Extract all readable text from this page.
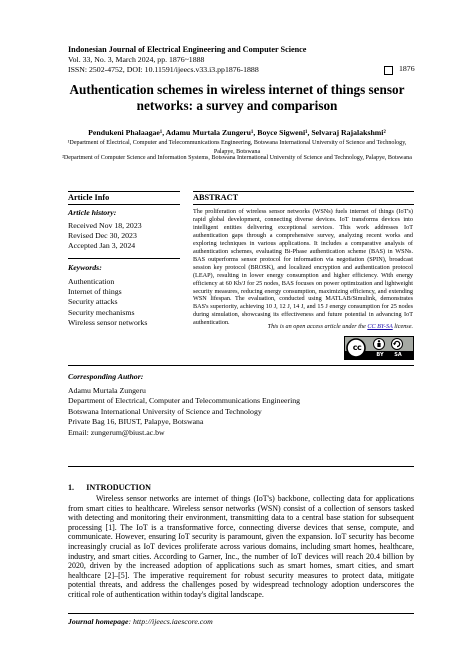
Indonesian Journal of Electrical Engineering and Computer Science
Vol. 33, No. 3, March 2024, pp. 1876~1888
ISSN: 2502-4752, DOI: 10.11591/ijeecs.v33.i3.pp1876-1888	1876
Authentication schemes in wireless internet of things sensor networks: a survey and comparison
Pendukeni Phalaagae¹, Adamu Murtala Zungeru¹, Boyce Sigweni¹, Selvaraj Rajalakshmi²
¹Department of Electrical, Computer and Telecommunications Engineering, Botswana International University of Science and Technology, Palapye, Botswana
²Department of Computer Science and Information Systems, Botswana International University of Science and Technology, Palapye, Botswana
Article Info
Article history:
Received Nov 18, 2023
Revised Dec 30, 2023
Accepted Jan 3, 2024
Keywords:
Authentication
Internet of things
Security attacks
Security mechanisms
Wireless sensor networks
ABSTRACT
The proliferation of wireless sensor networks (WSNs) fuels internet of things (IoT's) rapid global development, connecting diverse devices. IoT transforms devices into intelligent entities delivering exceptional services. This work addresses IoT authentication gaps through a comprehensive survey, analyzing recent works and exploring techniques in various applications. It includes a comparative analysis of authentication schemes, evaluating Bi-Phase authentication scheme (BAS) in WSNs. BAS outperforms sensor protocol for information via negotiation (SPIN), broadcast session key protocol (BROSK), and localized encryption and authentication protocol (LEAP), resulting in lower energy consumption and higher efficiency. With energy efficiency at 60 Kb/J for 25 nodes, BAS focuses on power optimization and lightweight security measures, reducing energy consumption, maximizing efficiency, and extending WSN lifespan. The evaluation, conducted using MATLAB/Simulink, demonstrates BAS's superiority, achieving 10 J, 12 J, 14 J, and 15 J energy consumption for 25 nodes during simulation, showcasing its effectiveness and future potential in advancing IoT authentication.
This is an open access article under the CC BY-SA license.
cc
BY	SA
Corresponding Author:
Adamu Murtala Zungeru
Department of Electrical, Computer and Telecommunications Engineering
Botswana International University of Science and Technology
Private Bag 16, BIUST, Palapye, Botswana
Email: zungerum@biust.ac.bw
1.      INTRODUCTION
Wireless sensor networks are internet of things (IoT's) backbone, collecting data for applications from smart cities to healthcare. Wireless sensor networks (WSN) consist of a collection of sensors tasked with detecting and monitoring their environment, transmitting data to a central base station for subsequent processing [1]. The IoT is a transformative force, connecting diverse devices that sense, compute, and communicate. However, ensuring IoT security is paramount, given the expansion. IoT security has become increasingly crucial as IoT devices proliferate across various domains, including smart homes, healthcare, industry, and smart cities. According to Garner, Inc., the number of IoT devices will reach 20.4 billion by 2020, driven by the increased adoption of applications such as smart homes, smart cities, and smart healthcare [2]–[5]. The imperative requirement for robust security measures to protect data, mitigate potential threats, and address the challenges posed by widespread technology adoption underscores the critical role of authentication within today's digital landscape.
Journal homepage: http://ijeecs.iaescore.com
